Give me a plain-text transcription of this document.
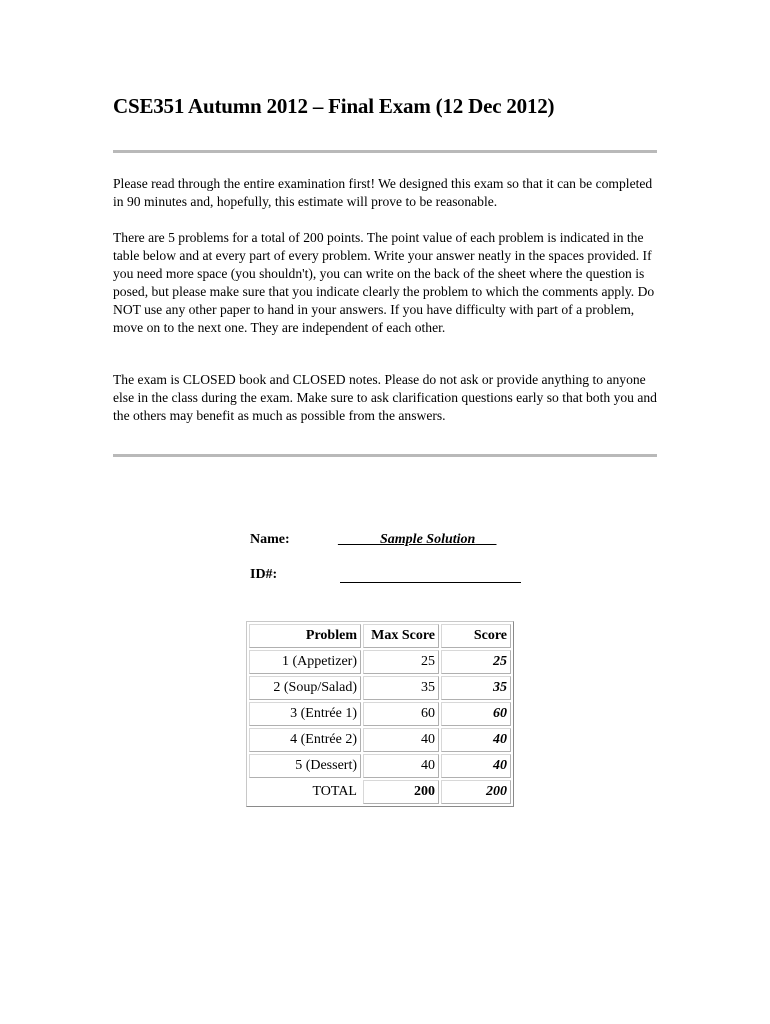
CSE351 Autumn 2012 – Final Exam (12 Dec 2012)

Please read through the entire examination first! We designed this exam so that it can be completed in 90 minutes and, hopefully, this estimate will prove to be reasonable.

There are 5 problems for a total of 200 points. The point value of each problem is indicated in the table below and at every part of every problem. Write your answer neatly in the spaces provided. If you need more space (you shouldn't), you can write on the back of the sheet where the question is posed, but please make sure that you indicate clearly the problem to which the comments apply. Do NOT use any other paper to hand in your answers. If you have difficulty with part of a problem, move on to the next one. They are independent of each other.

The exam is CLOSED book and CLOSED notes. Please do not ask or provide anything to anyone else in the class during the exam. Make sure to ask clarification questions early so that both you and the others may benefit as much as possible from the answers.

Name:	______Sample Solution___
ID#:
Problem	Max Score	Score
1 (Appetizer)	25	25
2 (Soup/Salad)	35	35
3 (Entrée 1)	60	60
4 (Entrée 2)	40	40
5 (Dessert)	40	40
TOTAL	200	200
